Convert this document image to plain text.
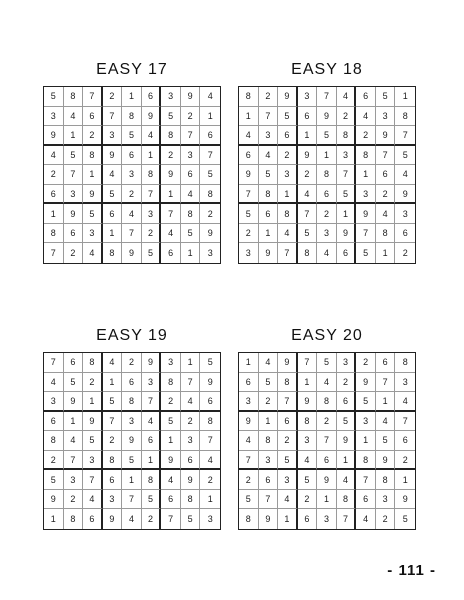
EASY 17
5	8	7	2	1	6	3	9	4
3	4	6	7	8	9	5	2	1
9	1	2	3	5	4	8	7	6
4	5	8	9	6	1	2	3	7
2	7	1	4	3	8	9	6	5
6	3	9	5	2	7	1	4	8
1	9	5	6	4	3	7	8	2
8	6	3	1	7	2	4	5	9
7	2	4	8	9	5	6	1	3
EASY 18
8	2	9	3	7	4	6	5	1
1	7	5	6	9	2	4	3	8
4	3	6	1	5	8	2	9	7
6	4	2	9	1	3	8	7	5
9	5	3	2	8	7	1	6	4
7	8	1	4	6	5	3	2	9
5	6	8	7	2	1	9	4	3
2	1	4	5	3	9	7	8	6
3	9	7	8	4	6	5	1	2
EASY 19
7	6	8	4	2	9	3	1	5
4	5	2	1	6	3	8	7	9
3	9	1	5	8	7	2	4	6
6	1	9	7	3	4	5	2	8
8	4	5	2	9	6	1	3	7
2	7	3	8	5	1	9	6	4
5	3	7	6	1	8	4	9	2
9	2	4	3	7	5	6	8	1
1	8	6	9	4	2	7	5	3
EASY 20
1	4	9	7	5	3	2	6	8
6	5	8	1	4	2	9	7	3
3	2	7	9	8	6	5	1	4
9	1	6	8	2	5	3	4	7
4	8	2	3	7	9	1	5	6
7	3	5	4	6	1	8	9	2
2	6	3	5	9	4	7	8	1
5	7	4	2	1	8	6	3	9
8	9	1	6	3	7	4	2	5
- 111 -
